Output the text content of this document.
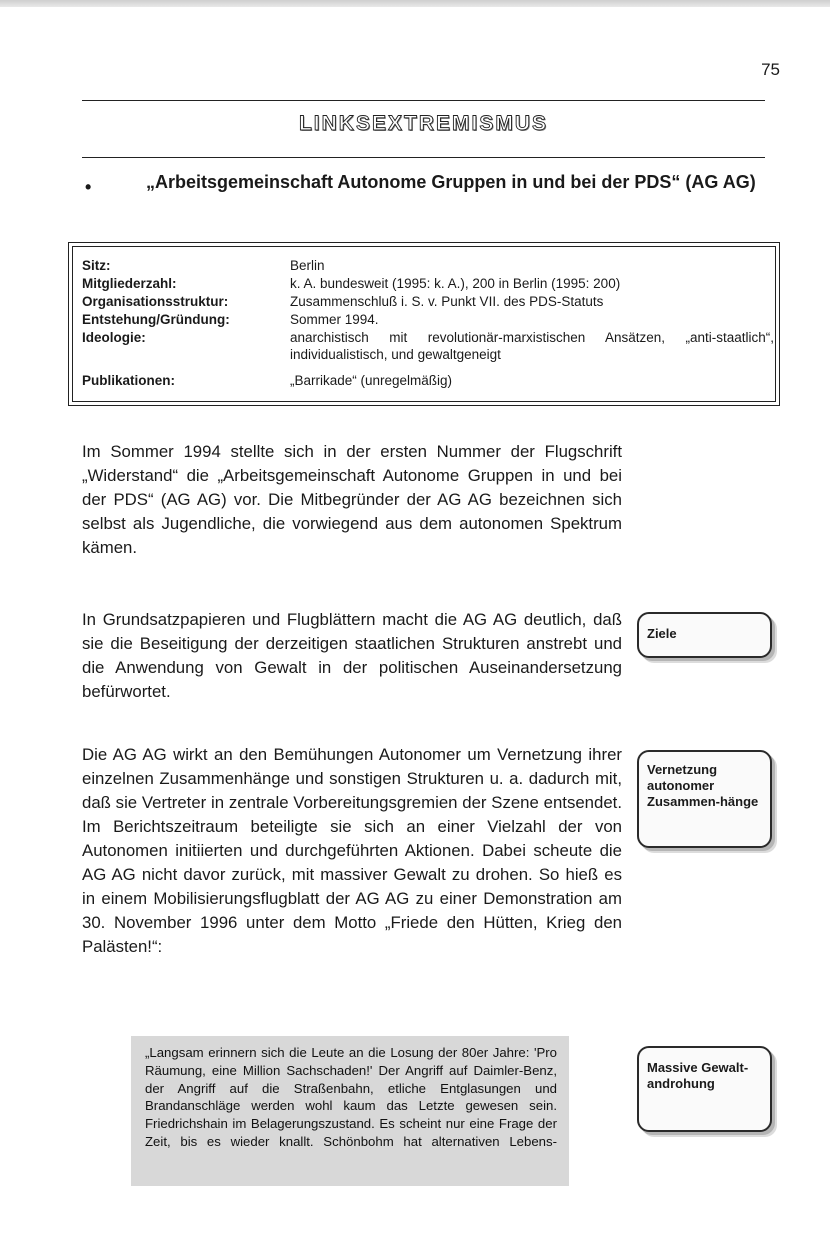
75
LINKSEXTREMISMUS
•	„Arbeitsgemeinschaft Autonome Gruppen in und bei der PDS“ (AG AG)
Sitz:	Berlin
Mitgliederzahl:	k. A. bundesweit (1995: k. A.), 200 in Berlin (1995: 200)
Organisationsstruktur:	Zusammenschluß i. S. v. Punkt VII. des PDS-Statuts
Entstehung/Gründung:	Sommer 1994.
Ideologie:	anarchistisch mit revolutionär-marxistischen Ansätzen, „anti-staatlich“, individualistisch, und gewaltgeneigt
Publikationen:	„Barrikade“ (unregelmäßig)
Im Sommer 1994 stellte sich in der ersten Nummer der Flugschrift „Widerstand“ die „Arbeitsgemeinschaft Autonome Gruppen in und bei der PDS“ (AG AG) vor. Die Mitbegründer der AG AG bezeichnen sich selbst als Jugendliche, die vorwiegend aus dem autonomen Spektrum kämen.
In Grundsatzpapieren und Flugblättern macht die AG AG deutlich, daß sie die Beseitigung der derzeitigen staatlichen Strukturen anstrebt und die Anwendung von Gewalt in der politischen Auseinandersetzung befürwortet.
Die AG AG wirkt an den Bemühungen Autonomer um Vernetzung ihrer einzelnen Zusammenhänge und sonstigen Strukturen u. a. dadurch mit, daß sie Vertreter in zentrale Vorbereitungsgremien der Szene entsendet. Im Berichtszeitraum beteiligte sie sich an einer Vielzahl der von Autonomen initiierten und durchgeführten Aktionen. Dabei scheute die AG AG nicht davor zurück, mit massiver Gewalt zu drohen. So hieß es in einem Mobilisierungsflugblatt der AG AG zu einer Demonstration am 30. November 1996 unter dem Motto „Friede den Hütten, Krieg den Palästen!“:
Ziele
Vernetzung autonomer Zusammen-hänge
Massive Gewalt-androhung
„Langsam erinnern sich die Leute an die Losung der 80er Jahre: 'Pro Räumung, eine Million Sachschaden!' Der Angriff auf Daimler-Benz, der Angriff auf die Straßenbahn, etliche Entglasungen und Brandanschläge werden wohl kaum das Letzte gewesen sein. Friedrichshain im Belagerungszustand. Es scheint nur eine Frage der Zeit, bis es wieder knallt. Schönbohm hat alternativen Lebens-
